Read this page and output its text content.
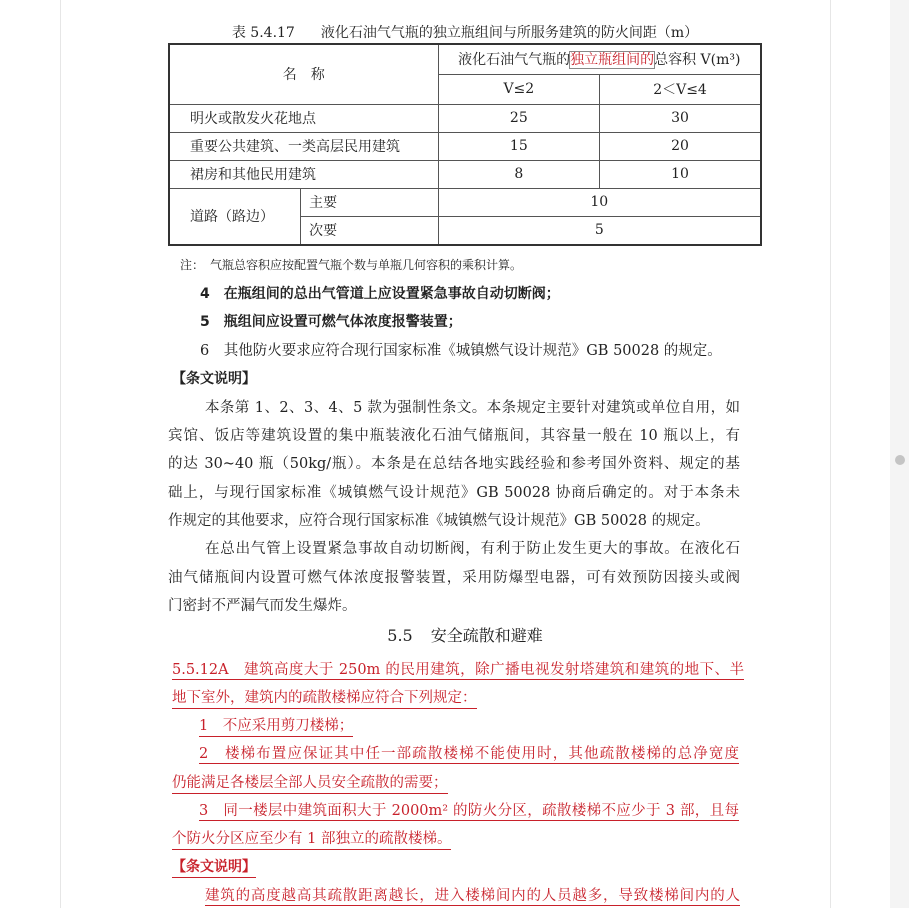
表 5.4.17 液化石油气气瓶的独立瓶组间与所服务建筑的防火间距（m）
名　称		液化石油气气瓶的独立瓶组间的总容积 V(m³)	
		V≤2	2＜V≤4
明火或散发火花地点		25	30
重要公共建筑、一类高层民用建筑		15	20
裙房和其他民用建筑		8	10
道路（路边）	主要	10	
	次要	5	
注：　气瓶总容积应按配置气瓶个数与单瓶几何容积的乘积计算。
4　在瓶组间的总出气管道上应设置紧急事故自动切断阀；
5　瓶组间应设置可燃气体浓度报警装置；
6　其他防火要求应符合现行国家标准《城镇燃气设计规范》GB 50028 的规定。
【条文说明】
本条第 1、2、3、4、5 款为强制性条文。本条规定主要针对建筑或单位自用，如
宾馆、饭店等建筑设置的集中瓶装液化石油气储瓶间，其容量一般在 10 瓶以上，有
的达 30~40 瓶（50kg/瓶）。本条是在总结各地实践经验和参考国外资料、规定的基
础上，与现行国家标准《城镇燃气设计规范》GB 50028 协商后确定的。对于本条未
作规定的其他要求，应符合现行国家标准《城镇燃气设计规范》GB 50028 的规定。
在总出气管上设置紧急事故自动切断阀，有利于防止发生更大的事故。在液化石
油气储瓶间内设置可燃气体浓度报警装置，采用防爆型电器，可有效预防因接头或阀
门密封不严漏气而发生爆炸。
5.5 安全疏散和避难
5.5.12A　建筑高度大于 250m 的民用建筑，除广播电视发射塔建筑和建筑的地下、半
地下室外，建筑内的疏散楼梯应符合下列规定：
1　不应采用剪刀楼梯；
2　楼梯布置应保证其中任一部疏散楼梯不能使用时，其他疏散楼梯的总净宽度
仍能满足各楼层全部人员安全疏散的需要；
3　同一楼层中建筑面积大于 2000m² 的防火分区，疏散楼梯不应少于 3 部，且每
个防火分区应至少有 1 部独立的疏散楼梯。
【条文说明】
建筑的高度越高其疏散距离越长，进入楼梯间内的人员越多，导致楼梯间内的人
